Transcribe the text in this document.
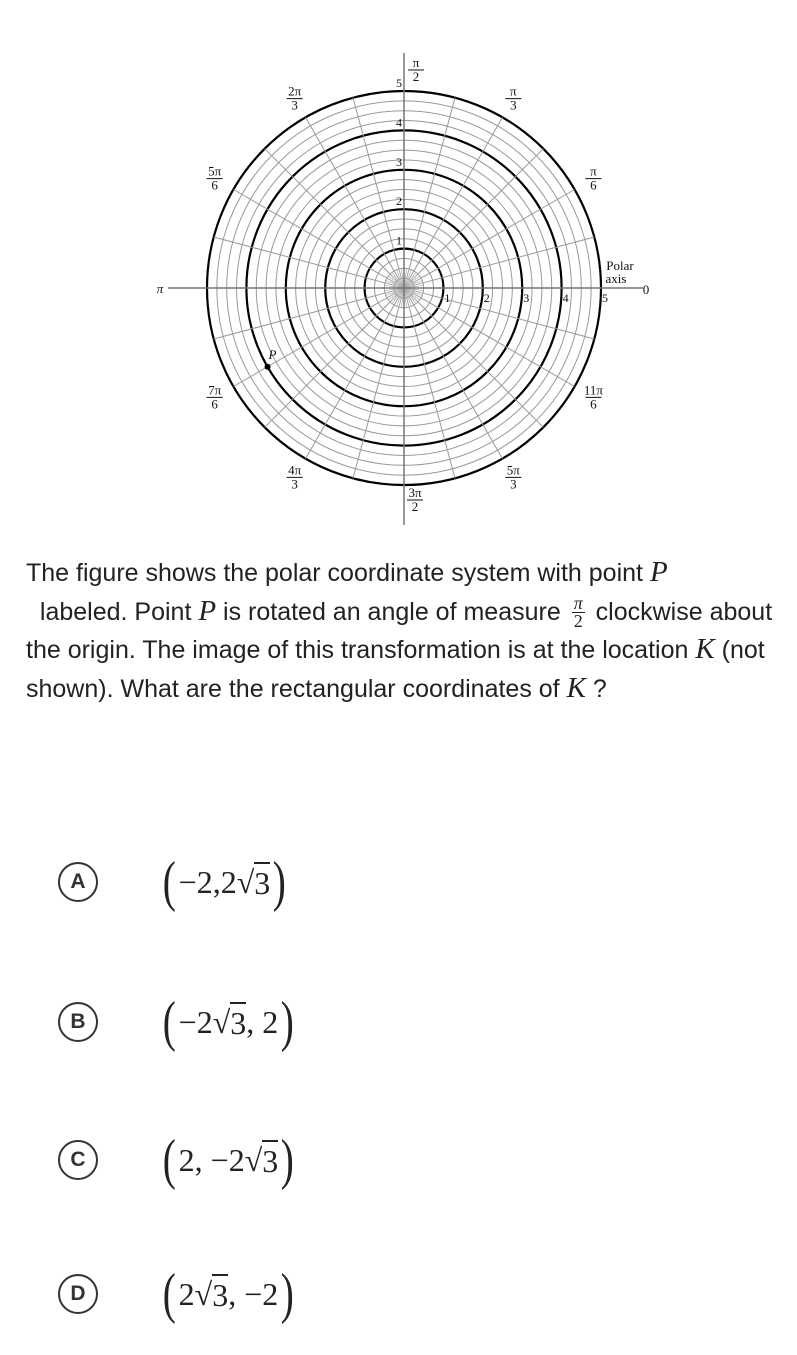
π
2
π
3
π
6
2π
3
5π
6
7π
6
4π
3
3π
2
5π
3
11π
6
π	0
Polar
axis
1
1
2
2
3
3
4
4
5
5
P
The figure shows the polar coordinate system with point P
labeled. Point P is rotated an angle of measure $\frac{\pi}{2}$ clockwise about the origin. The image of this transformation is at the location K (not shown). What are the rectangular coordinates of K ?
A ( −2,2 √ 3 )
B ( −2 √ 3 , 2 )
C ( 2, −2 √ 3 )
D ( 2 √ 3 , −2 )
